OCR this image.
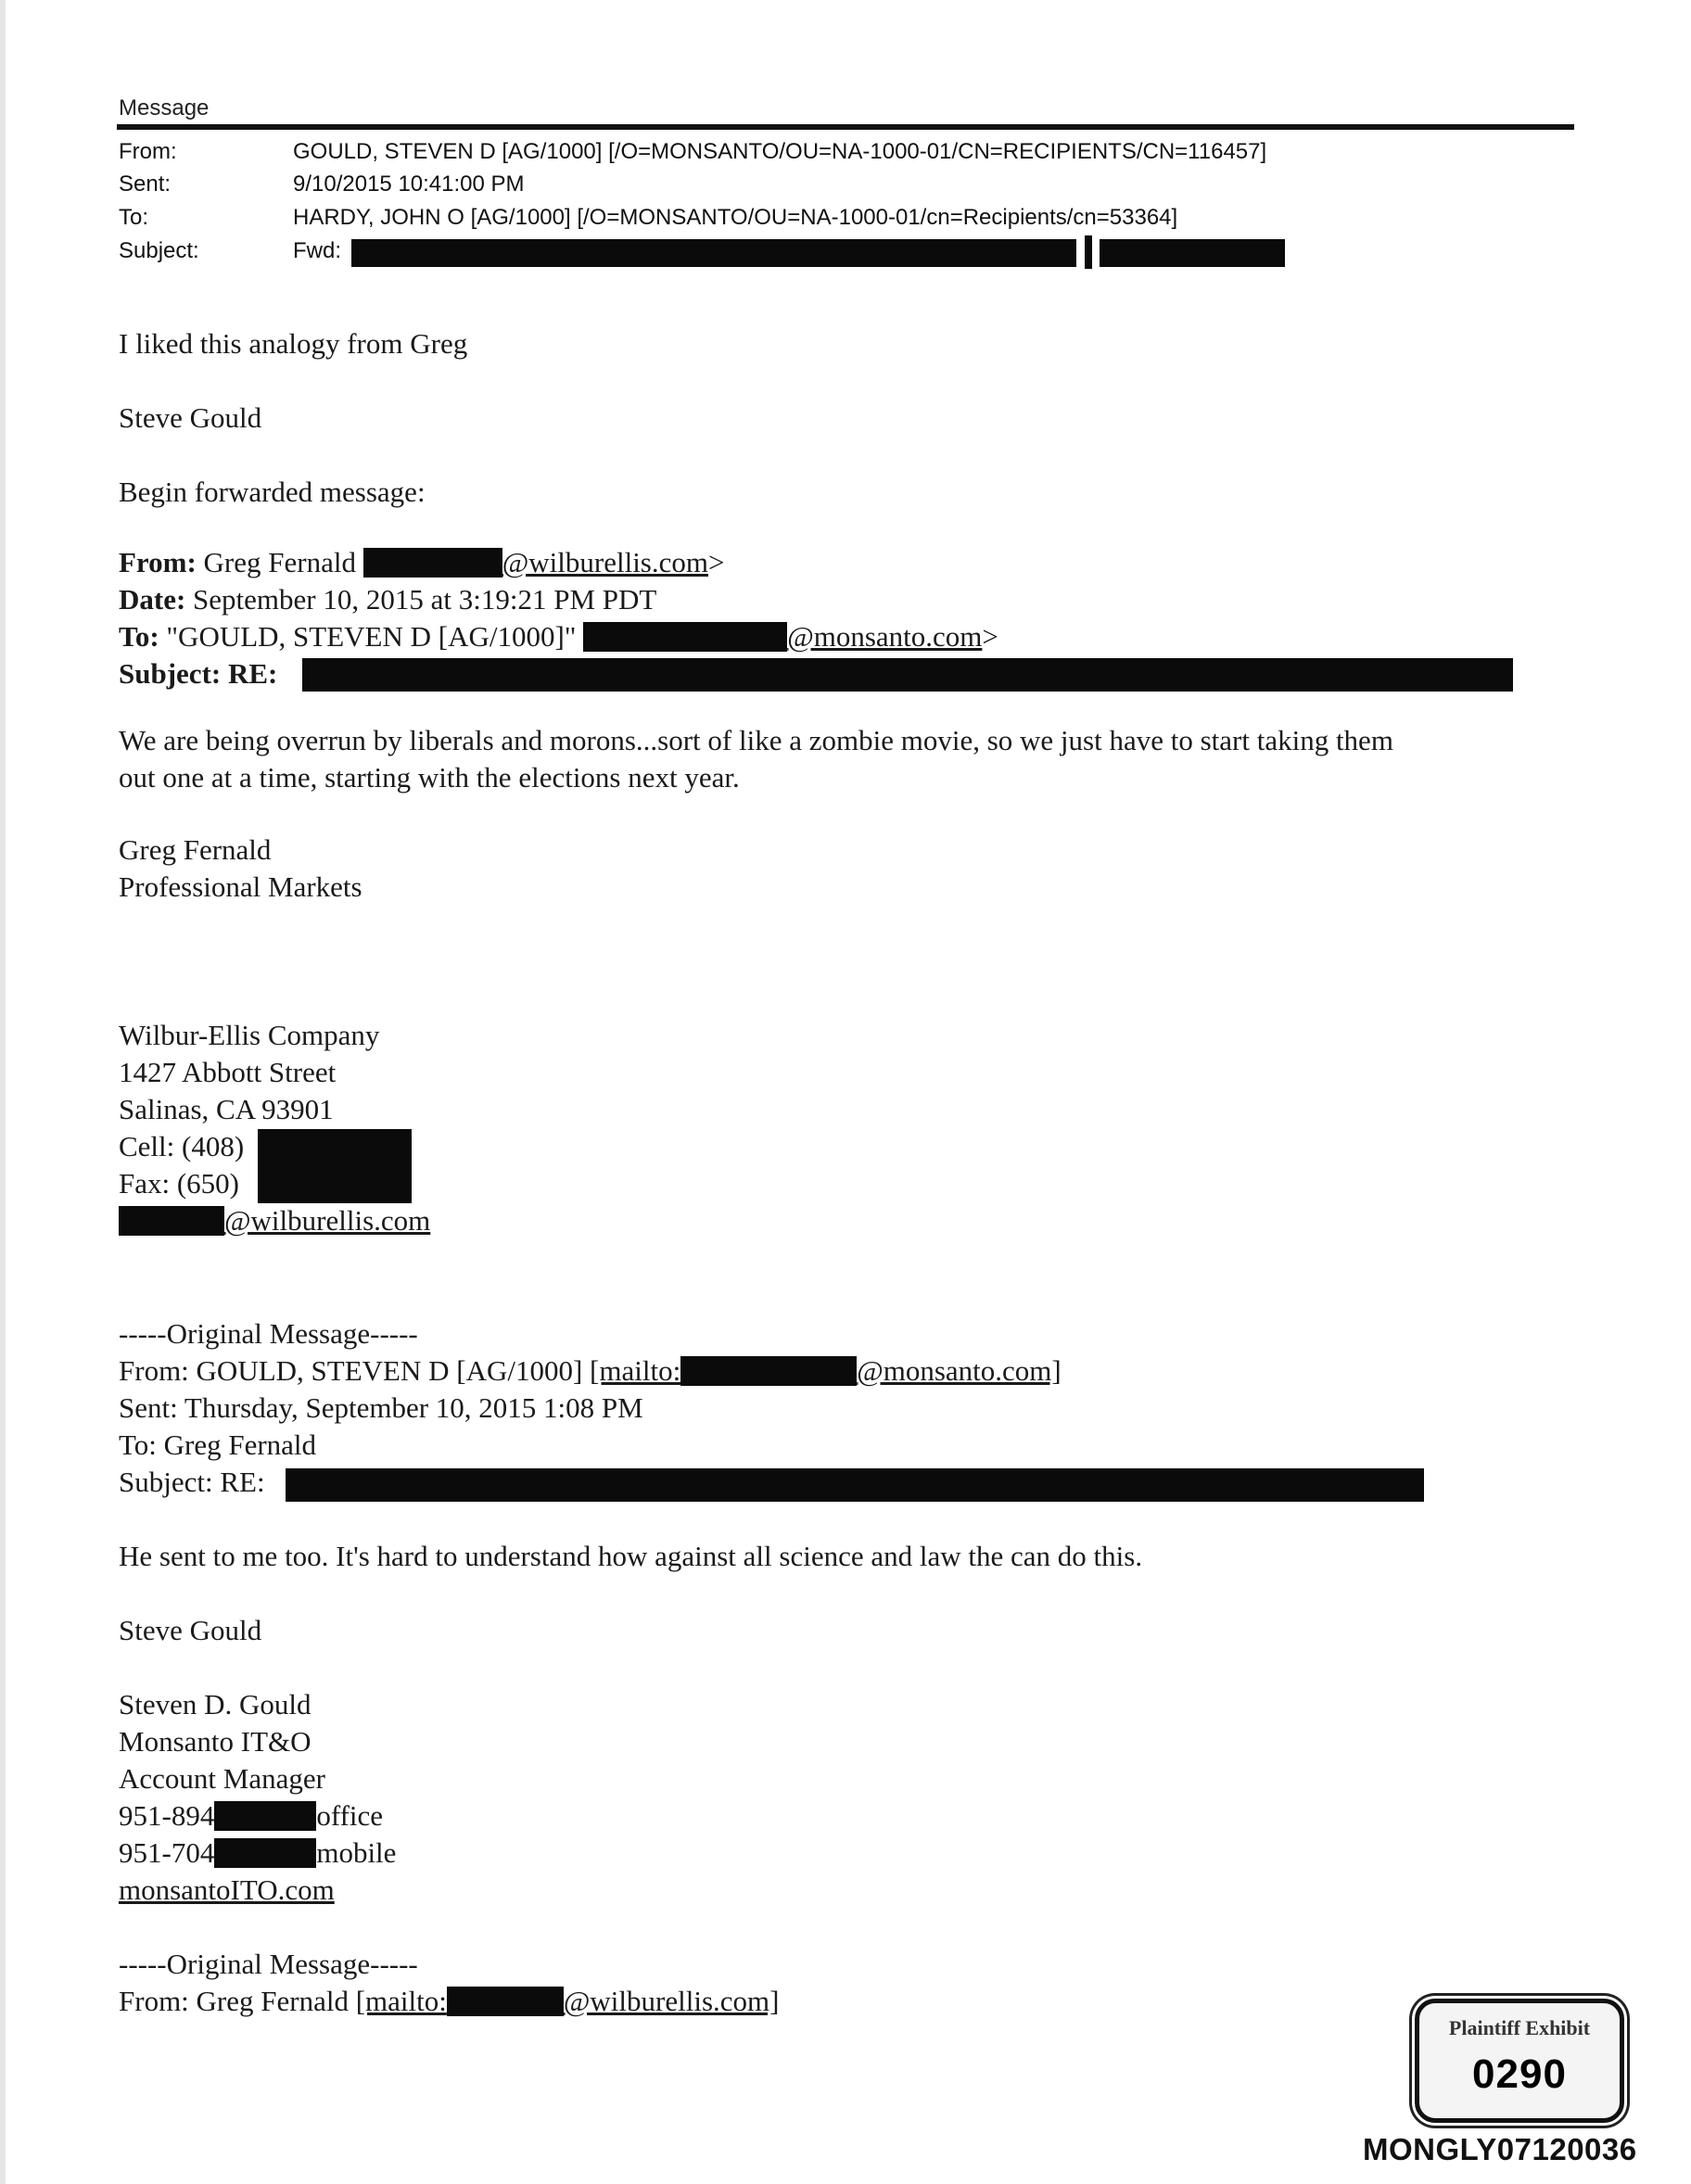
Message
From:	GOULD, STEVEN D [AG/1000] [/O=MONSANTO/OU=NA-1000-01/CN=RECIPIENTS/CN=116457]
Sent:	9/10/2015 10:41:00 PM
To:	HARDY, JOHN O [AG/1000] [/O=MONSANTO/OU=NA-1000-01/cn=Recipients/cn=53364]
Subject:	Fwd:
I liked this analogy from Greg
Steve Gould
Begin forwarded message:
From: Greg Fernald	@wilburellis.com>
Date: September 10, 2015 at 3:19:21 PM PDT
To: "GOULD, STEVEN D [AG/1000]"	@monsanto.com>
Subject: RE:
We are being overrun by liberals and morons...sort of like a zombie movie, so we just have to start taking them
out one at a time, starting with the elections next year.
Greg Fernald
Professional Markets
Wilbur-Ellis Company
1427 Abbott Street
Salinas, CA 93901
Cell: (408)
Fax: (650)
@wilburellis.com
-----Original Message-----
From: GOULD, STEVEN D [AG/1000] [mailto:	@monsanto.com]
Sent: Thursday, September 10, 2015 1:08 PM
To: Greg Fernald
Subject: RE:
He sent to me too. It's hard to understand how against all science and law the can do this.
Steve Gould
Steven D. Gould
Monsanto IT&O
Account Manager
951-894	office
951-704	mobile
monsantoITO.com
-----Original Message-----
From: Greg Fernald [mailto:	@wilburellis.com]
Plaintiff Exhibit
0290
MONGLY07120036
